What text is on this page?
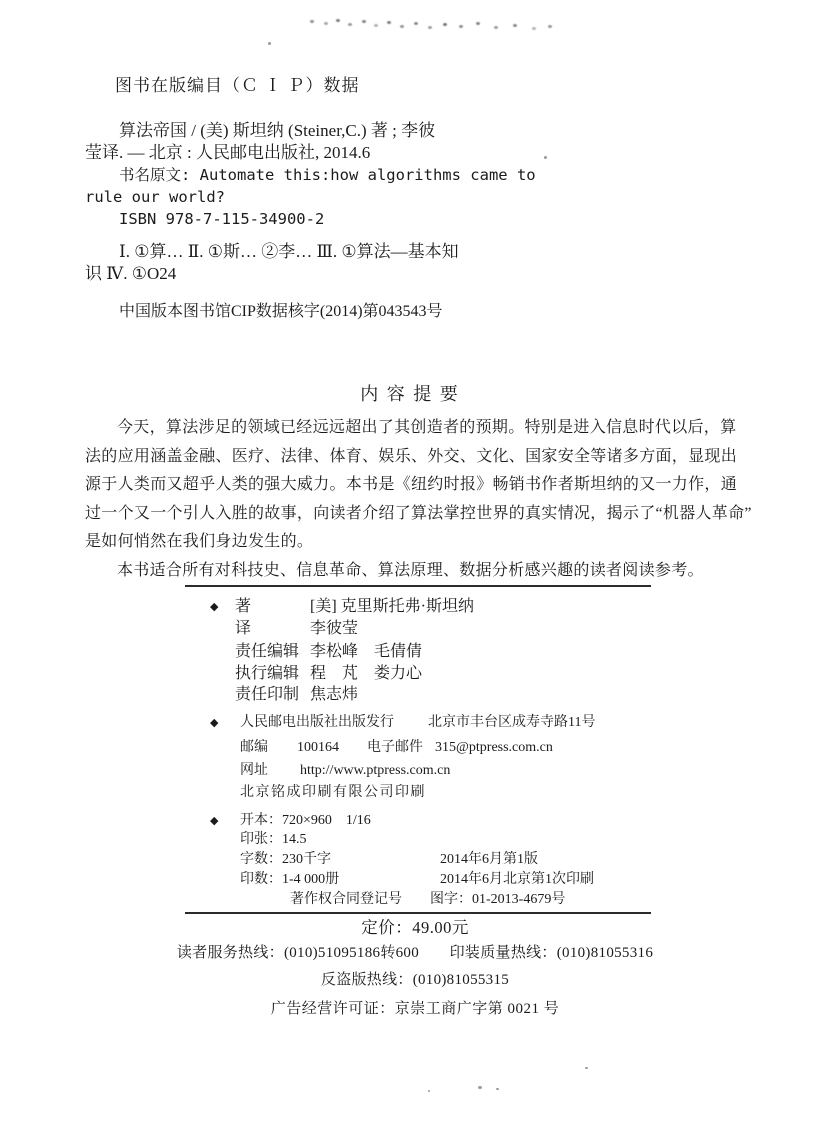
图书在版编目（Ｃ Ｉ Ｐ）数据
算法帝国 / (美) 斯坦纳 (Steiner,C.) 著 ; 李彼
莹译. — 北京 : 人民邮电出版社, 2014.6
书名原文: Automate this:how algorithms came to
rule our world?
ISBN 978-7-115-34900-2
Ⅰ. ①算… Ⅱ. ①斯… ②李… Ⅲ. ①算法—基本知
识 Ⅳ. ①O24
中国版本图书馆CIP数据核字(2014)第043543号
内 容 提 要
今天，算法涉足的领域已经远远超出了其创造者的预期。特别是进入信息时代以后，算
法的应用涵盖金融、医疗、法律、体育、娱乐、外交、文化、国家安全等诸多方面，显现出
源于人类而又超乎人类的强大威力。本书是《纽约时报》畅销书作者斯坦纳的又一力作，通
过一个又一个引人入胜的故事，向读者介绍了算法掌控世界的真实情况，揭示了“机器人革命”
是如何悄然在我们身边发生的。
本书适合所有对科技史、信息革命、算法原理、数据分析感兴趣的读者阅读参考。
◆ 著	[美] 克里斯托弗·斯坦纳
译	李彼莹
责任编辑 李松峰　毛倩倩
执行编辑 程　芃　娄力心
责任印制 焦志炜
◆ 人民邮电出版社出版发行 北京市丰台区成寿寺路11号
邮编 100164 电子邮件 315@ptpress.com.cn
网址 http://www.ptpress.com.cn
北京铭成印刷有限公司印刷
◆ 开本：720×960　1/16
印张：14.5
字数：230千字	2014年6月第1版
印数：1-4 000册	2014年6月北京第1次印刷
著作权合同登记号　　图字：01-2013-4679号
定价：49.00元
读者服务热线：(010)51095186转600　　印装质量热线：(010)81055316
反盗版热线：(010)81055315
广告经营许可证：京崇工商广字第 0021 号
